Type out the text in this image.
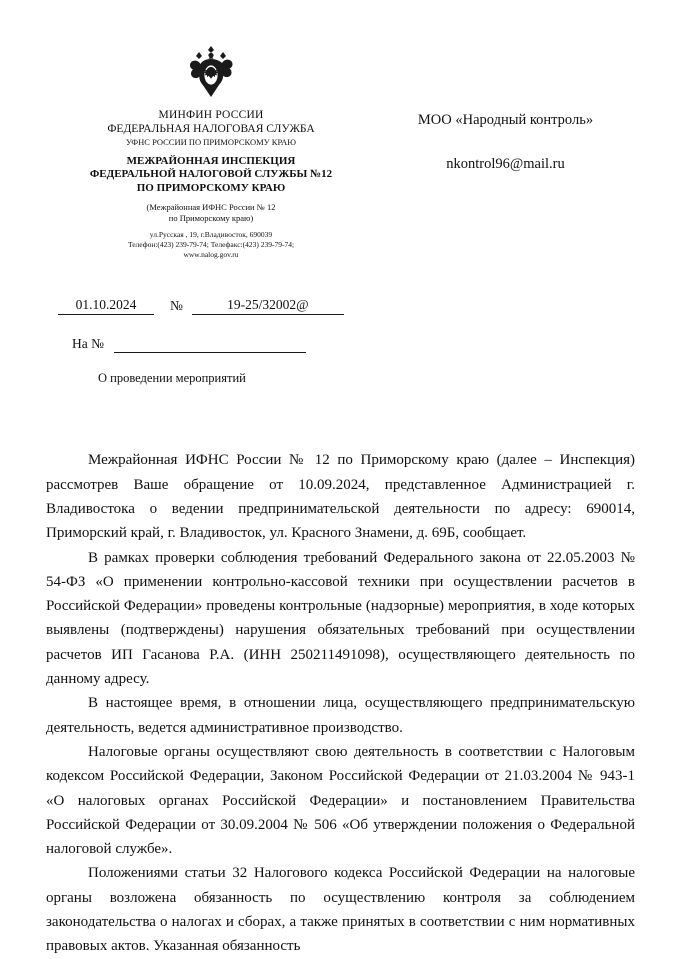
МИНФИН РОССИИ
ФЕДЕРАЛЬНАЯ НАЛОГОВАЯ СЛУЖБА
УФНС РОССИИ ПО ПРИМОРСКОМУ КРАЮ
МЕЖРАЙОННАЯ ИНСПЕКЦИЯ
ФЕДЕРАЛЬНОЙ НАЛОГОВОЙ СЛУЖБЫ №12
ПО ПРИМОРСКОМУ КРАЮ
(Межрайонная ИФНС России № 12
по Приморскому краю)
ул.Русская , 19, г.Владивосток, 690039
Телефон:(423) 239-79-74; Телефакс:(423) 239-79-74;
www.nalog.gov.ru
МОО «Народный контроль»
nkontrol96@mail.ru
01.10.2024	№	19-25/32002@
На №
О проведении мероприятий

Межрайонная ИФНС России № 12 по Приморскому краю (далее – Инспекция) рассмотрев Ваше обращение от 10.09.2024, представленное Администрацией г. Владивостока о ведении предпринимательской деятельности по адресу: 690014, Приморский край, г. Владивосток, ул. Красного Знамени, д. 69Б, сообщает.

В рамках проверки соблюдения требований Федерального закона от 22.05.2003 № 54-ФЗ «О применении контрольно-кассовой техники при осуществлении расчетов в Российской Федерации» проведены контрольные (надзорные) мероприятия, в ходе которых выявлены (подтверждены) нарушения обязательных требований при осуществлении расчетов ИП Гасанова Р.А. (ИНН 250211491098), осуществляющего деятельность по данному адресу.

В настоящее время, в отношении лица, осуществляющего предпринимательскую деятельность, ведется административное производство.

Налоговые органы осуществляют свою деятельность в соответствии с Налоговым кодексом Российской Федерации, Законом Российской Федерации от 21.03.2004 № 943-1 «О налоговых органах Российской Федерации» и постановлением Правительства Российской Федерации от 30.09.2004 № 506 «Об утверждении положения о Федеральной налоговой службе».

Положениями статьи 32 Налогового кодекса Российской Федерации на налоговые органы возложена обязанность по осуществлению контроля за соблюдением законодательства о налогах и сборах, а также принятых в соответствии с ним нормативных правовых актов. Указанная обязанность
